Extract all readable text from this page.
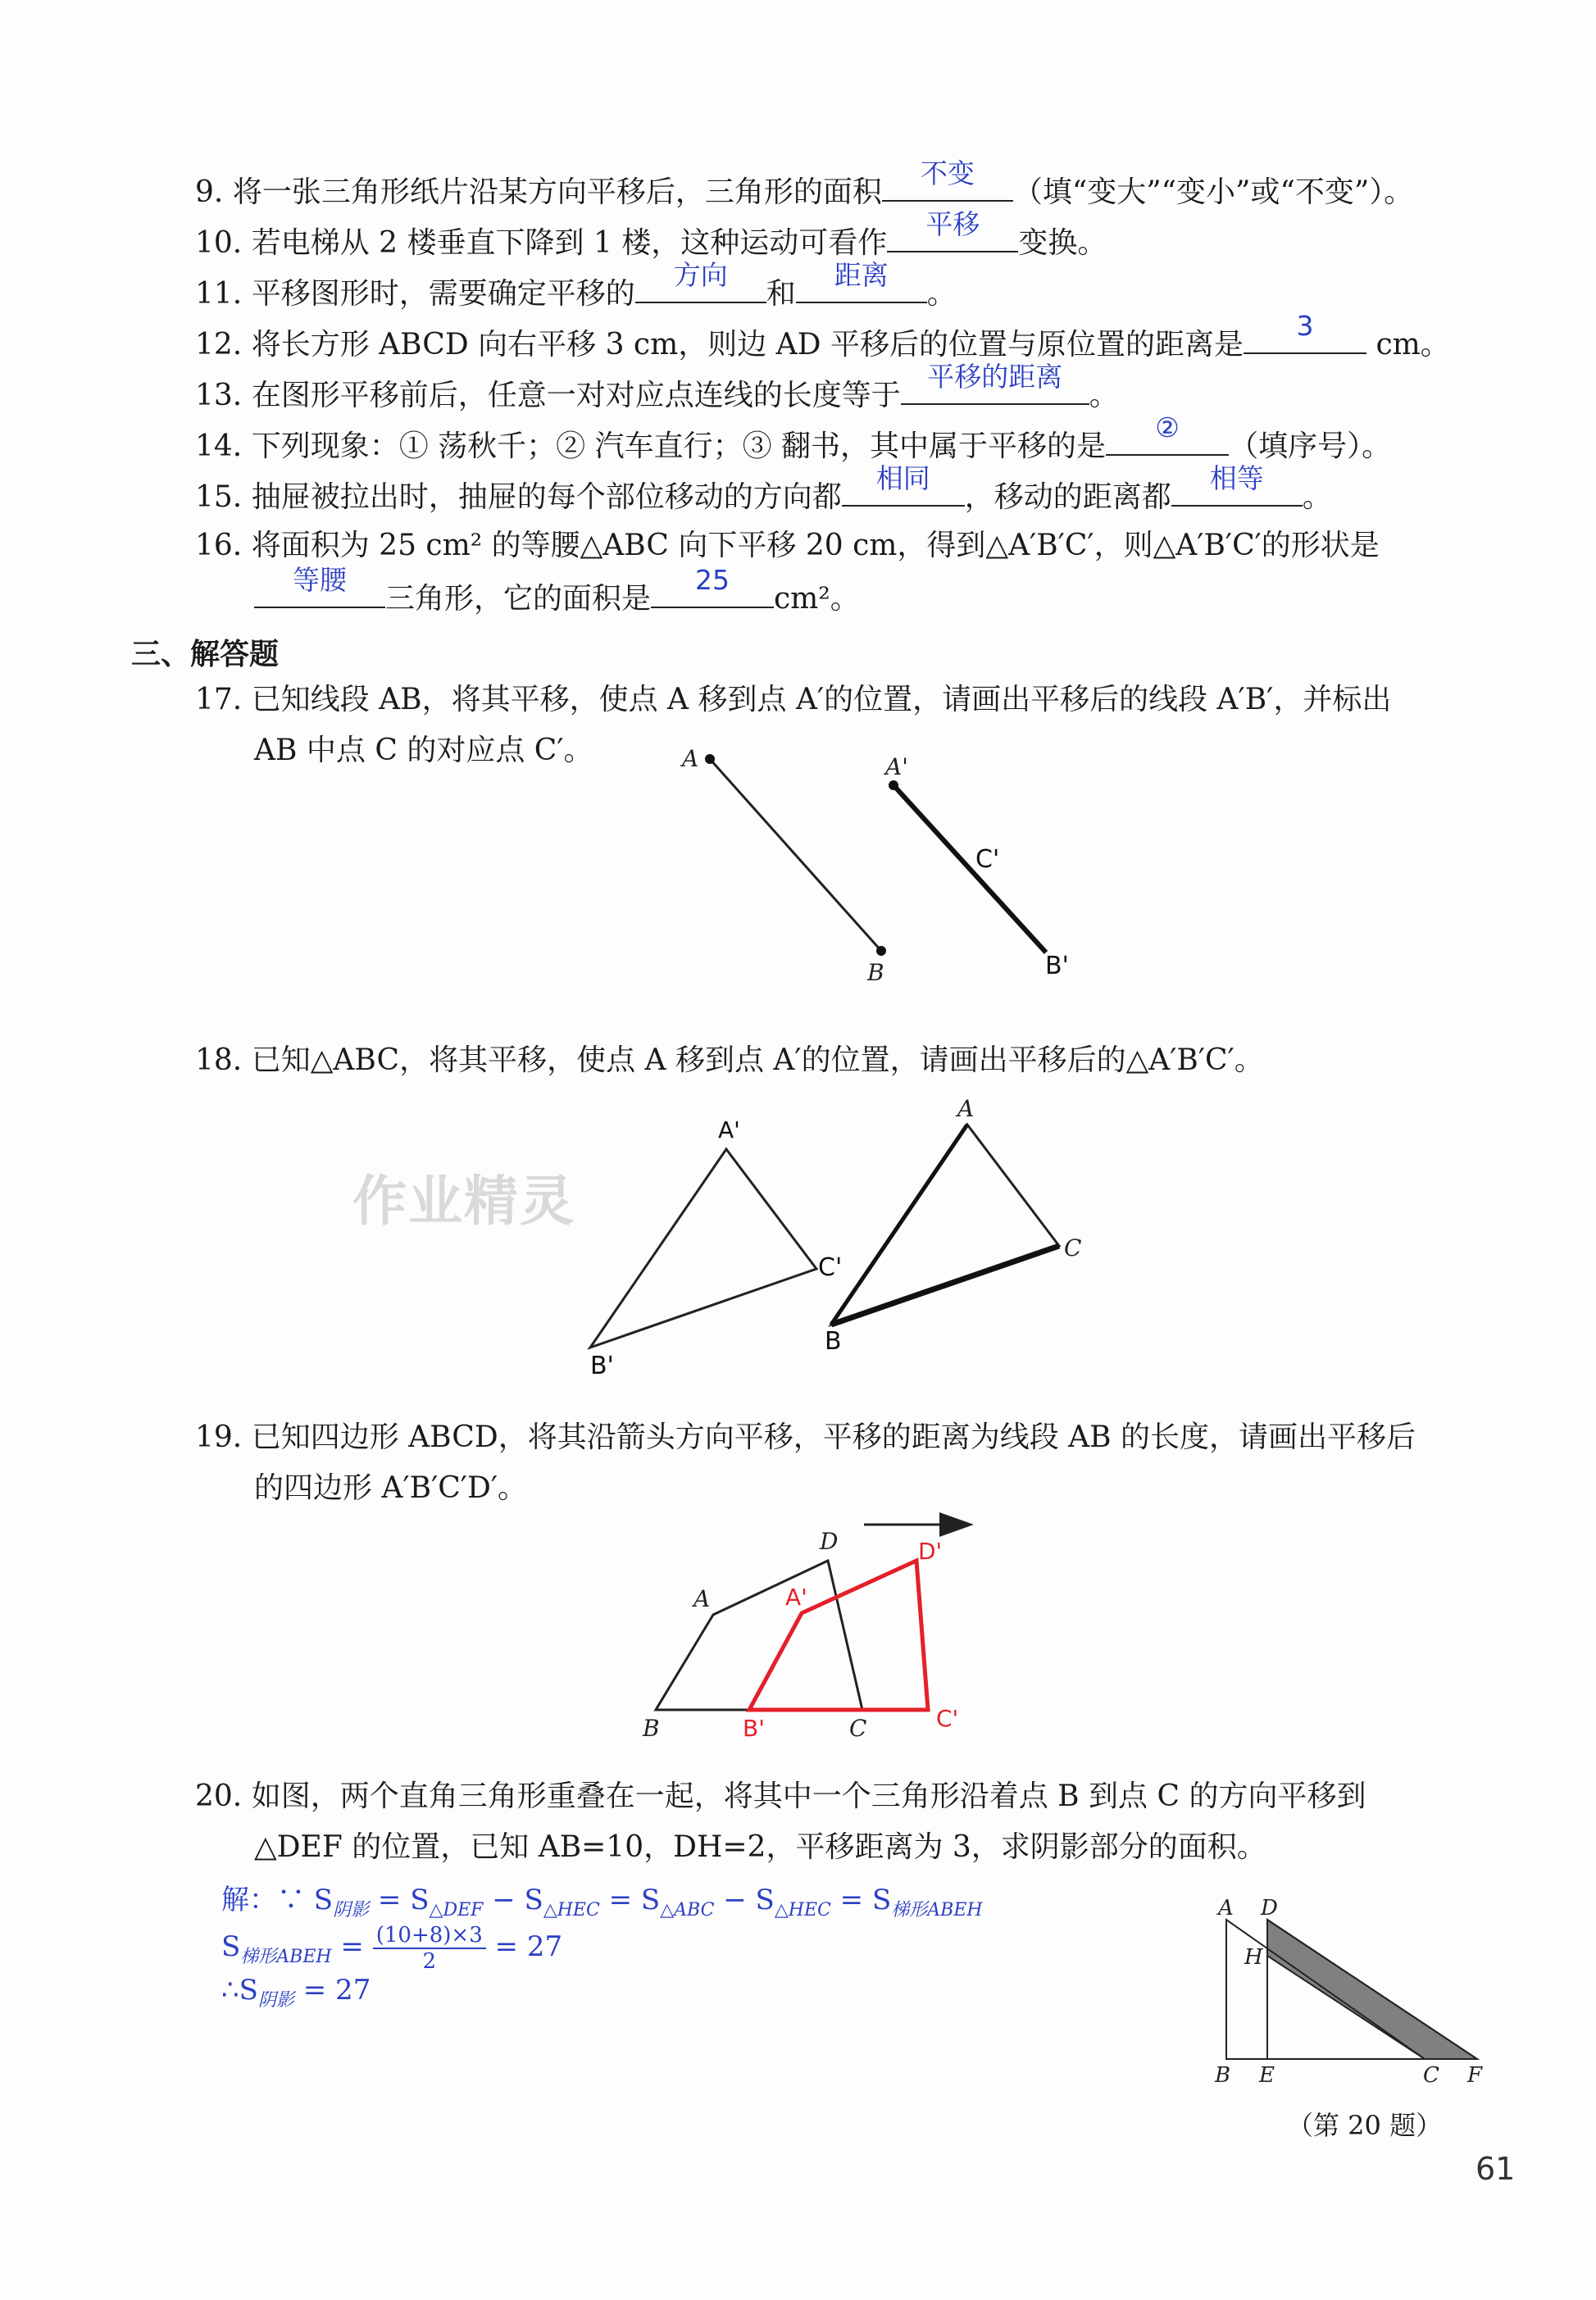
9. 将一张三角形纸片沿某方向平移后，三角形的面积
不变
（填“变大”“变小”或“不变”）。
10. 若电梯从 2 楼垂直下降到 1 楼，这种运动可看作
平移
变换。
11. 平移图形时，需要确定平移的
方向
和
距离
。
12. 将长方形 ABCD 向右平移 3 cm，则边 AD 平移后的位置与原位置的距离是
3
cm。
13. 在图形平移前后，任意一对对应点连线的长度等于
平移的距离
。
14. 下列现象：① 荡秋千；② 汽车直行；③ 翻书，其中属于平移的是
②
（填序号）。
15. 抽屉被拉出时，抽屉的每个部位移动的方向都
相同
，移动的距离都
相等
。
16. 将面积为 25 cm² 的等腰△ABC 向下平移 20 cm，得到△A′B′C′，则△A′B′C′的形状是
等腰
三角形，它的面积是
25
cm²。
三、解答题
17. 已知线段 AB，将其平移，使点 A 移到点 A′的位置，请画出平移后的线段 A′B′，并标出
AB 中点 C 的对应点 C′。	A
B
A'
C'
B'
18. 已知△ABC，将其平移，使点 A 移到点 A′的位置，请画出平移后的△A′B′C′。
作业精灵
A
C
B
A'
C'
B'
19. 已知四边形 ABCD，将其沿箭头方向平移，平移的距离为线段 AB 的长度，请画出平移后
的四边形 A′B′C′D′。
A
B	C
D
A'
B'	C'
D'
20. 如图，两个直角三角形重叠在一起，将其中一个三角形沿着点 B 到点 C 的方向平移到
△DEF 的位置，已知 AB=10，DH=2，平移距离为 3，求阴影部分的面积。
解：∵ $S_{阴影} = S_{\triangle DEF} - S_{\triangle HEC} = S_{\triangle ABC} - S_{\triangle HEC} = S_{梯形ABEH}$
$S_{梯形ABEH} = \frac{(10+8)\times 3}{2} = 27$
$\therefore S_{阴影} = 27$
A D
H
B E	C F
（第 20 题）
61
